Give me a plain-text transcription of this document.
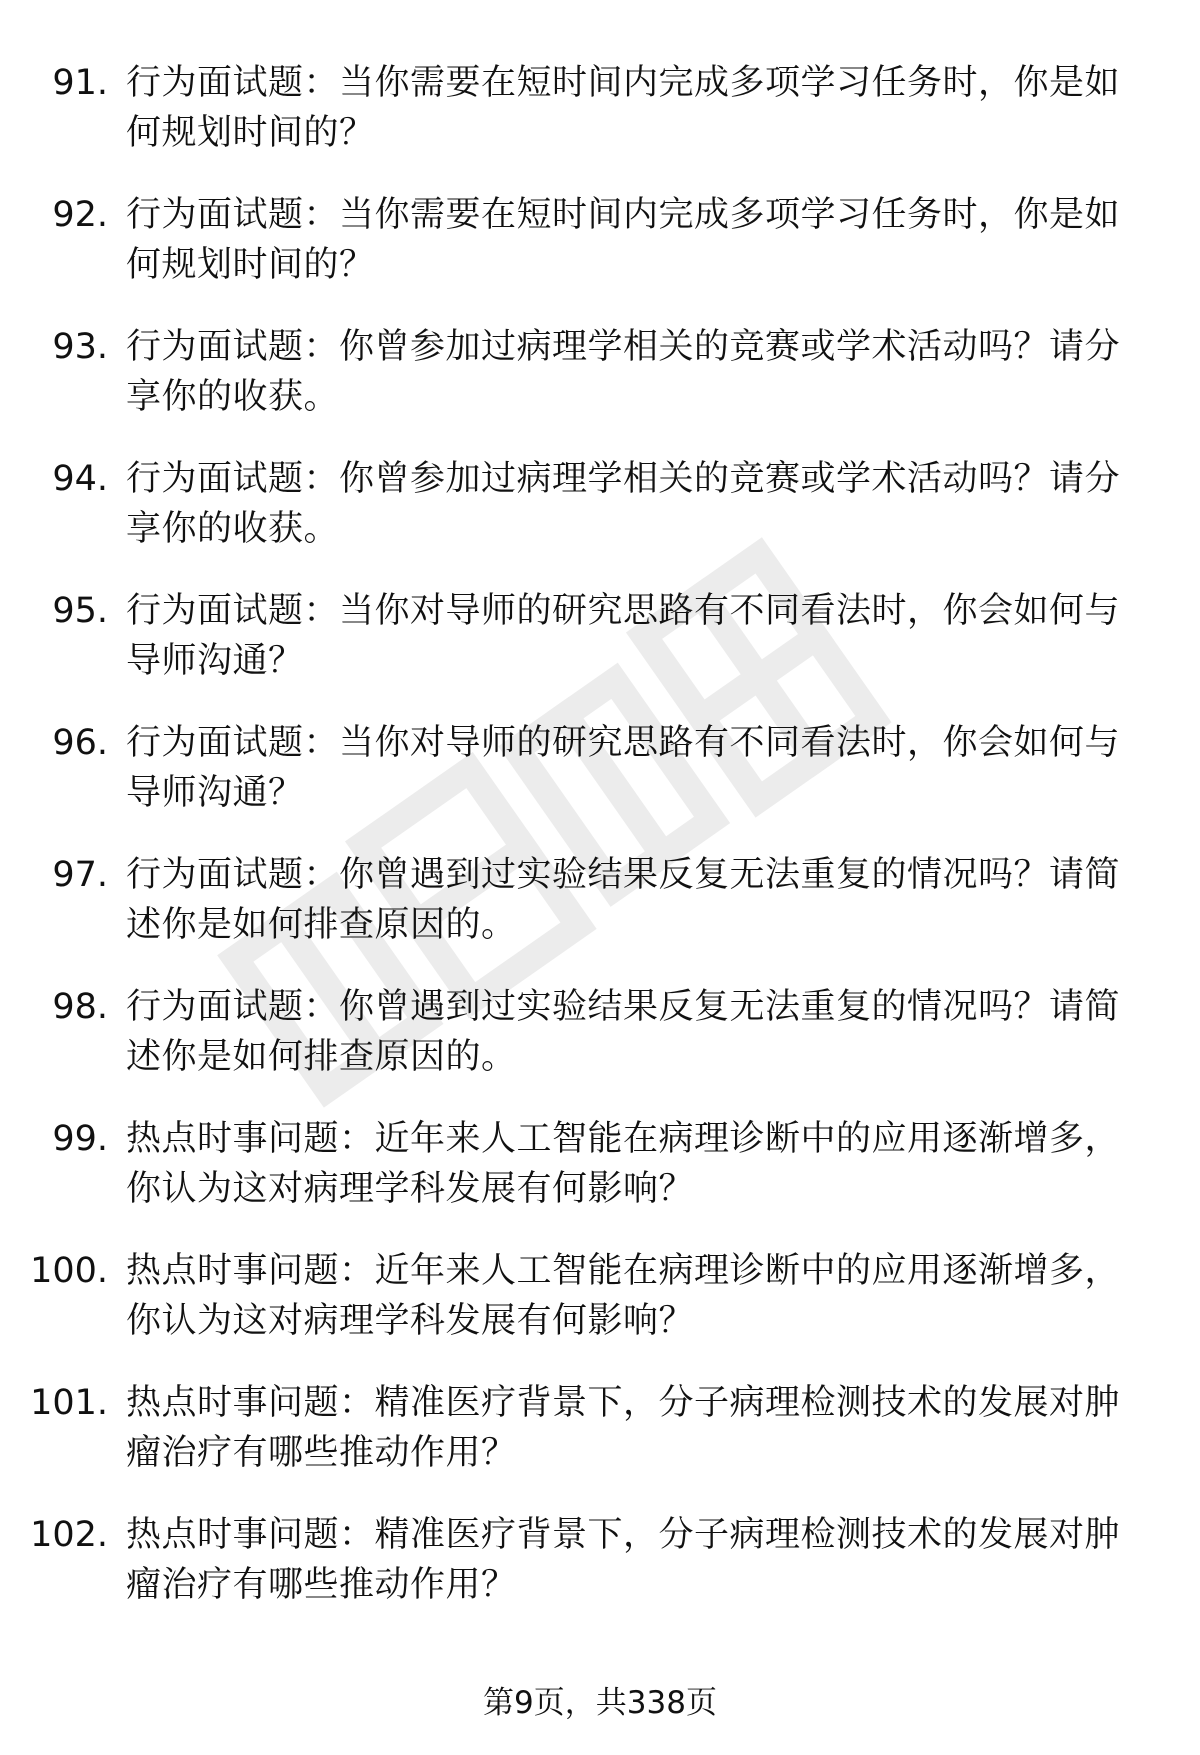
91. 行为面试题：当你需要在短时间内完成多项学习任务时，你是如何规划时间的？
92. 行为面试题：当你需要在短时间内完成多项学习任务时，你是如何规划时间的？
93. 行为面试题：你曾参加过病理学相关的竞赛或学术活动吗？请分享你的收获。
94. 行为面试题：你曾参加过病理学相关的竞赛或学术活动吗？请分享你的收获。
95. 行为面试题：当你对导师的研究思路有不同看法时，你会如何与导师沟通？
96. 行为面试题：当你对导师的研究思路有不同看法时，你会如何与导师沟通？
97. 行为面试题：你曾遇到过实验结果反复无法重复的情况吗？请简述你是如何排查原因的。
98. 行为面试题：你曾遇到过实验结果反复无法重复的情况吗？请简述你是如何排查原因的。
99. 热点时事问题：近年来人工智能在病理诊断中的应用逐渐增多，你认为这对病理学科发展有何影响？
100. 热点时事问题：近年来人工智能在病理诊断中的应用逐渐增多，你认为这对病理学科发展有何影响？
101. 热点时事问题：精准医疗背景下，分子病理检测技术的发展对肿瘤治疗有哪些推动作用？
102. 热点时事问题：精准医疗背景下，分子病理检测技术的发展对肿瘤治疗有哪些推动作用？
第9页，共338页
